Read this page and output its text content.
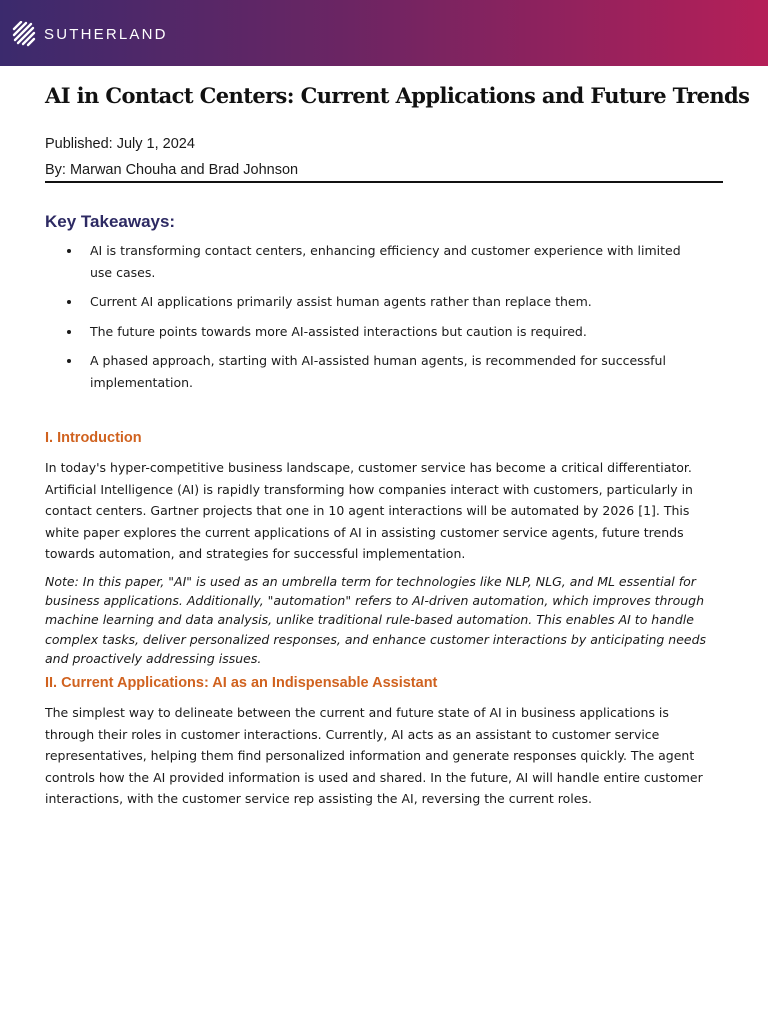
SUTHERLAND
AI in Contact Centers: Current Applications and Future Trends

Published: July 1, 2024

By: Marwan Chouha and Brad Johnson

Key Takeaways:
AI is transforming contact centers, enhancing efficiency and customer experience with limited use cases.
Current AI applications primarily assist human agents rather than replace them.
The future points towards more AI-assisted interactions but caution is required.
A phased approach, starting with AI-assisted human agents, is recommended for successful implementation.
I. Introduction

In today's hyper-competitive business landscape, customer service has become a critical differentiator. Artificial Intelligence (AI) is rapidly transforming how companies interact with customers, particularly in contact centers. Gartner projects that one in 10 agent interactions will be automated by 2026 [1]. This white paper explores the current applications of AI in assisting customer service agents, future trends towards automation, and strategies for successful implementation.

Note: In this paper, "AI" is used as an umbrella term for technologies like NLP, NLG, and ML essential for business applications. Additionally, "automation" refers to AI-driven automation, which improves through machine learning and data analysis, unlike traditional rule-based automation. This enables AI to handle complex tasks, deliver personalized responses, and enhance customer interactions by anticipating needs and proactively addressing issues.

II. Current Applications: AI as an Indispensable Assistant

The simplest way to delineate between the current and future state of AI in business applications is through their roles in customer interactions. Currently, AI acts as an assistant to customer service representatives, helping them find personalized information and generate responses quickly. The agent controls how the AI provided information is used and shared. In the future, AI will handle entire customer interactions, with the customer service rep assisting the AI, reversing the current roles.
